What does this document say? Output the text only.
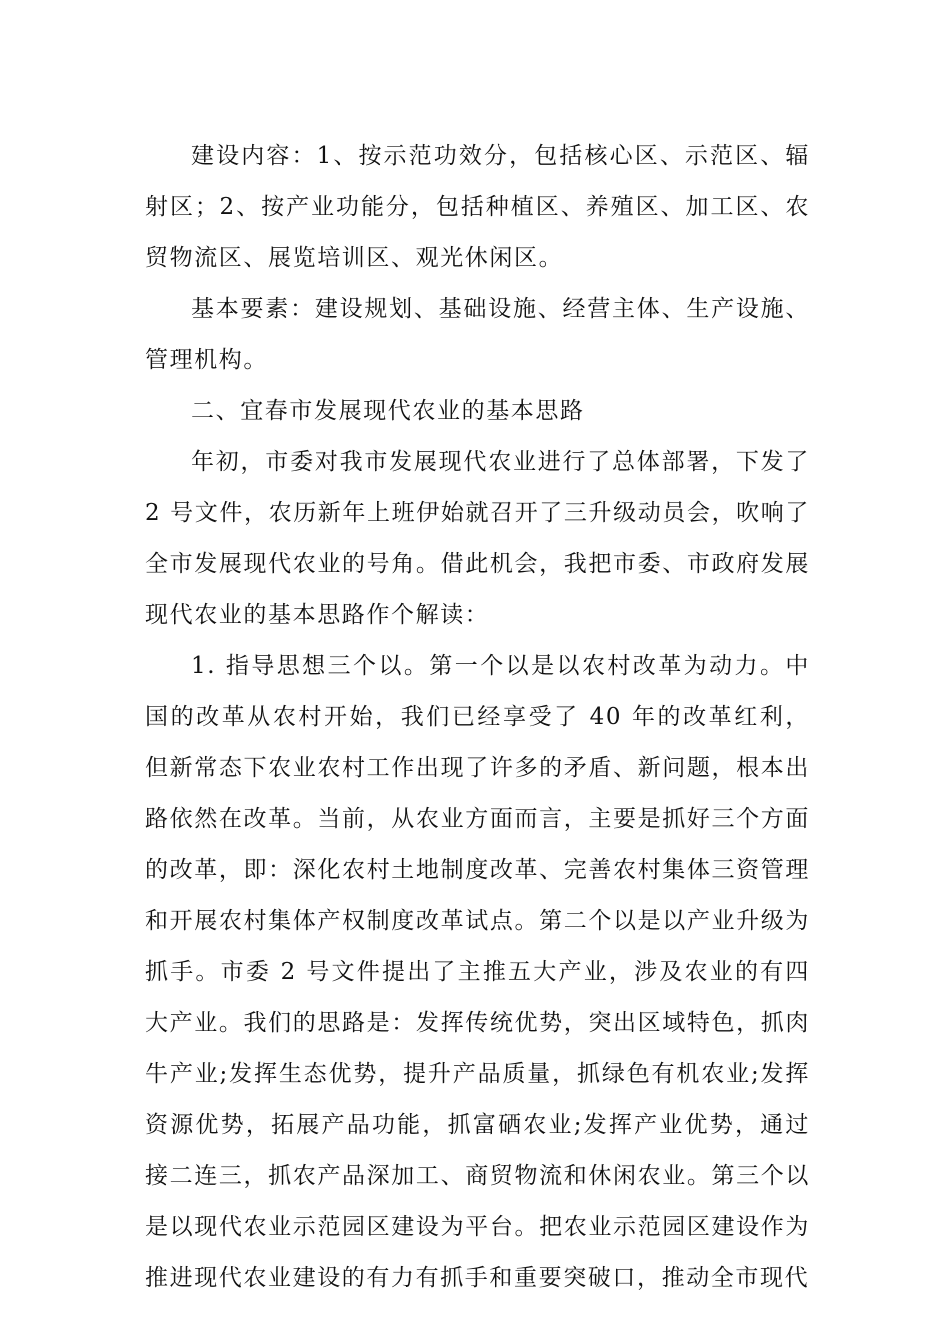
建设内容：1、按示范功效分，包括核心区、示范区、辐射区；2、按产业功能分，包括种植区、养殖区、加工区、农贸物流区、展览培训区、观光休闲区。

基本要素：建设规划、基础设施、经营主体、生产设施、管理机构。

二、宜春市发展现代农业的基本思路

年初，市委对我市发展现代农业进行了总体部署，下发了 2 号文件，农历新年上班伊始就召开了三升级动员会，吹响了全市发展现代农业的号角。借此机会，我把市委、市政府发展现代农业的基本思路作个解读：

1. 指导思想三个以。第一个以是以农村改革为动力。中国的改革从农村开始，我们已经享受了 40 年的改革红利，但新常态下农业农村工作出现了许多的矛盾、新问题，根本出路依然在改革。当前，从农业方面而言，主要是抓好三个方面的改革，即：深化农村土地制度改革、完善农村集体三资管理和开展农村集体产权制度改革试点。第二个以是以产业升级为抓手。市委 2 号文件提出了主推五大产业，涉及农业的有四大产业。我们的思路是：发挥传统优势，突出区域特色，抓肉牛产业;发挥生态优势，提升产品质量，抓绿色有机农业;发挥资源优势，拓展产品功能，抓富硒农业;发挥产业优势，通过接二连三，抓农产品深加工、商贸物流和休闲农业。第三个以是以现代农业示范园区建设为平台。把农业示范园区建设作为推进现代农业建设的有力有抓手和重要突破口，推动全市现代
